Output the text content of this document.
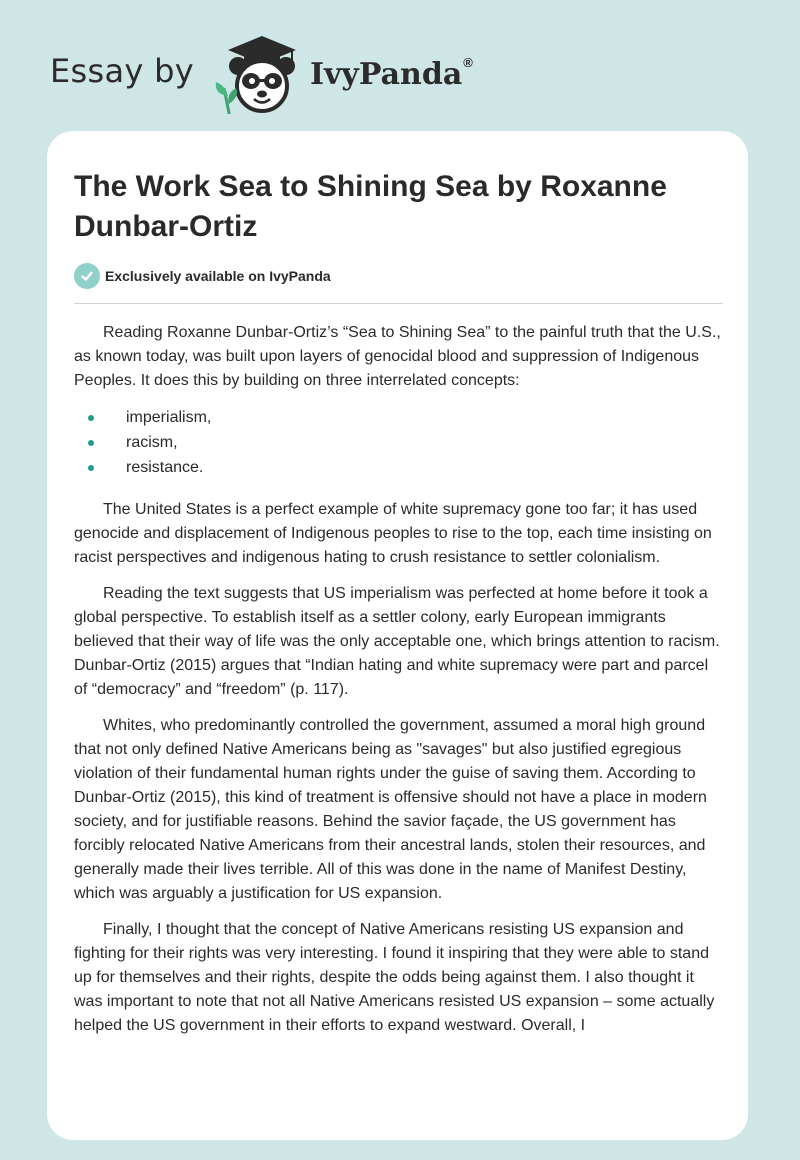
Essay by	IvyPanda®
The Work Sea to Shining Sea by Roxanne Dunbar-Ortiz
Exclusively available on IvyPanda

Reading Roxanne Dunbar-Ortiz’s “Sea to Shining Sea” to the painful truth that the U.S., as known today, was built upon layers of genocidal blood and suppression of Indigenous Peoples. It does this by building on three interrelated concepts:

imperialism,
racism,
resistance.

The United States is a perfect example of white supremacy gone too far; it has used genocide and displacement of Indigenous peoples to rise to the top, each time insisting on racist perspectives and indigenous hating to crush resistance to settler colonialism.

Reading the text suggests that US imperialism was perfected at home before it took a global perspective. To establish itself as a settler colony, early European immigrants believed that their way of life was the only acceptable one, which brings attention to racism. Dunbar-Ortiz (2015) argues that “Indian hating and white supremacy were part and parcel of “democracy” and “freedom” (p. 117).

Whites, who predominantly controlled the government, assumed a moral high ground that not only defined Native Americans being as "savages" but also justified egregious violation of their fundamental human rights under the guise of saving them. According to Dunbar-Ortiz (2015), this kind of treatment is offensive should not have a place in modern society, and for justifiable reasons. Behind the savior façade, the US government has forcibly relocated Native Americans from their ancestral lands, stolen their resources, and generally made their lives terrible. All of this was done in the name of Manifest Destiny, which was arguably a justification for US expansion.

Finally, I thought that the concept of Native Americans resisting US expansion and fighting for their rights was very interesting. I found it inspiring that they were able to stand up for themselves and their rights, despite the odds being against them. I also thought it was important to note that not all Native Americans resisted US expansion – some actually helped the US government in their efforts to expand westward. Overall, I
